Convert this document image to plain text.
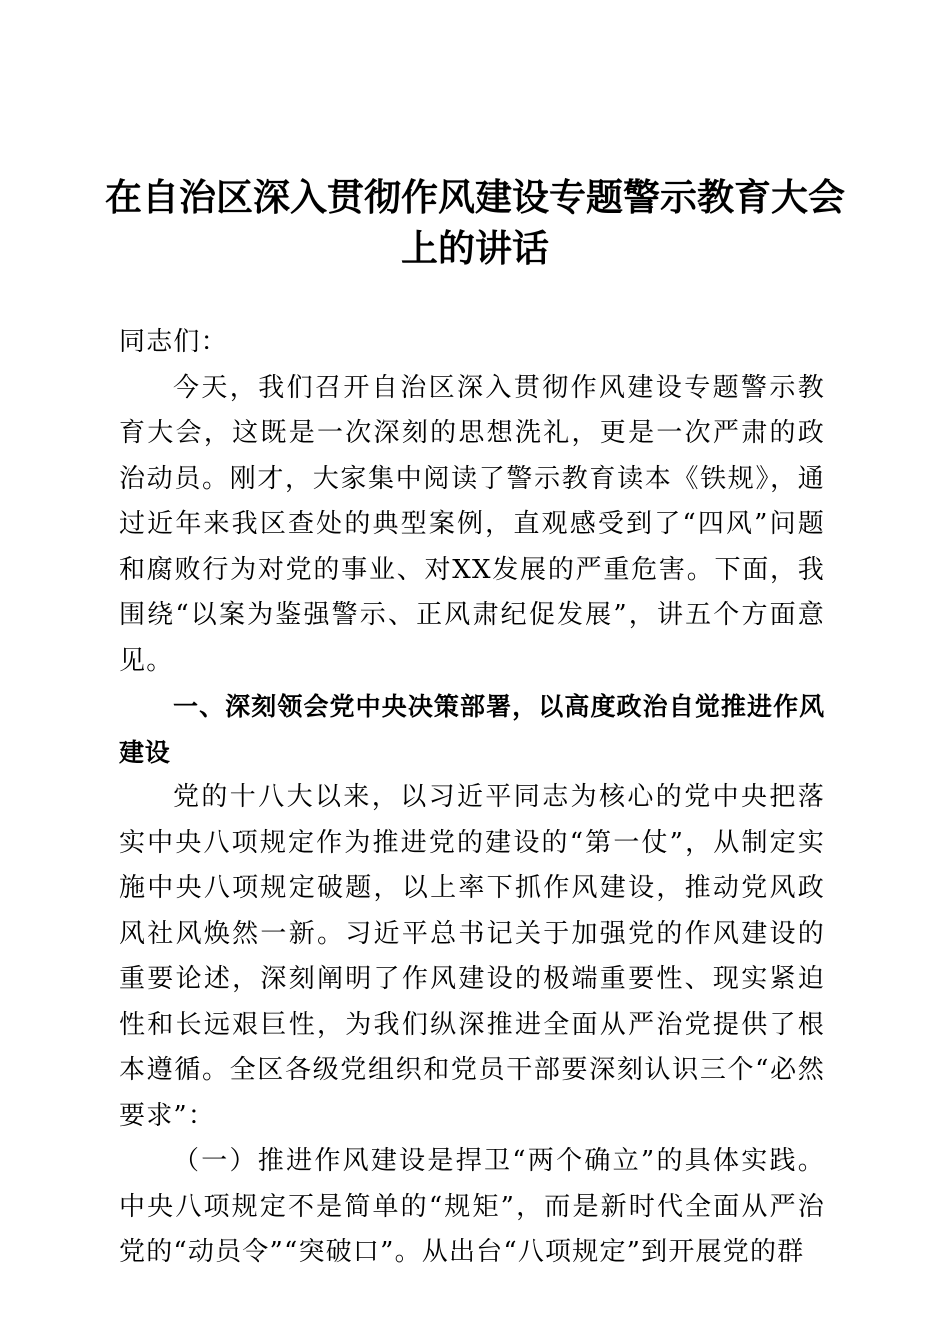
在自治区深入贯彻作风建设专题警示教育大会上的讲话

同志们：

今天，我们召开自治区深入贯彻作风建设专题警示教育大会，这既是一次深刻的思想洗礼，更是一次严肃的政治动员。刚才，大家集中阅读了警示教育读本《铁规》，通过近年来我区查处的典型案例，直观感受到了“四风”问题和腐败行为对党的事业、对XX发展的严重危害。下面，我围绕“以案为鉴强警示、正风肃纪促发展”，讲五个方面意见。

一、深刻领会党中央决策部署，以高度政治自觉推进作风建设

党的十八大以来，以习近平同志为核心的党中央把落实中央八项规定作为推进党的建设的“第一仗”，从制定实施中央八项规定破题，以上率下抓作风建设，推动党风政风社风焕然一新。习近平总书记关于加强党的作风建设的重要论述，深刻阐明了作风建设的极端重要性、现实紧迫性和长远艰巨性，为我们纵深推进全面从严治党提供了根本遵循。全区各级党组织和党员干部要深刻认识三个“必然要求”：

（一）推进作风建设是捍卫“两个确立”的具体实践。中央八项规定不是简单的“规矩”，而是新时代全面从严治党的“动员令”“突破口”。从出台“八项规定”到开展党的群
